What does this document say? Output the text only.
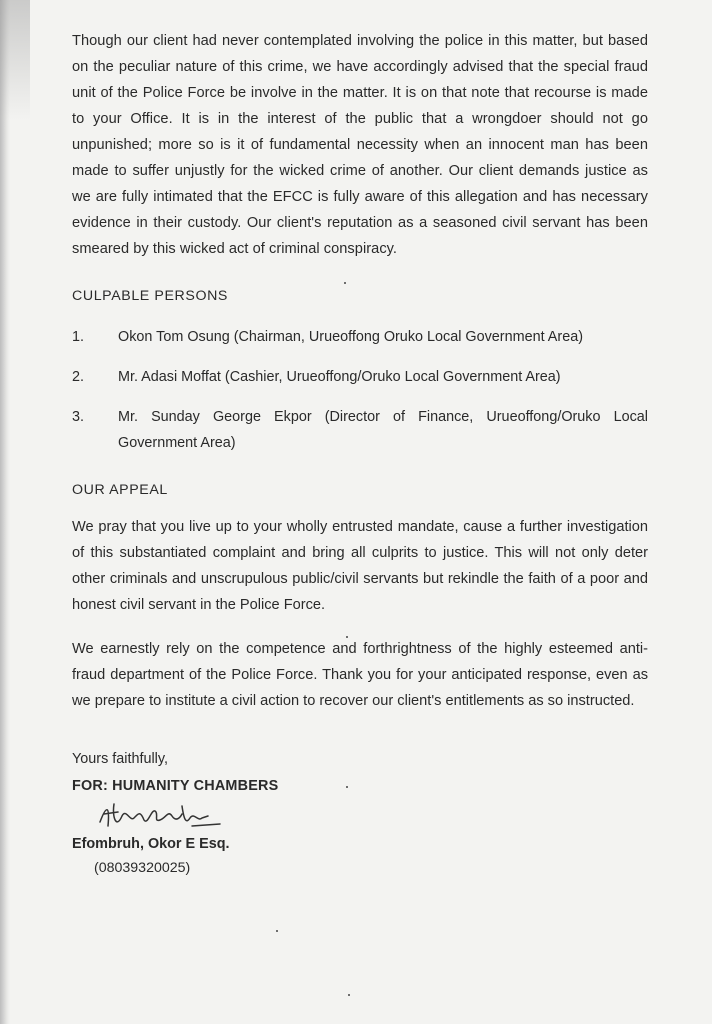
Though our client had never contemplated involving the police in this matter, but based on the peculiar nature of this crime, we have accordingly advised that the special fraud unit of the Police Force be involve in the matter. It is on that note that recourse is made to your Office. It is in the interest of the public that a wrongdoer should not go unpunished; more so is it of fundamental necessity when an innocent man has been made to suffer unjustly for the wicked crime of another. Our client demands justice as we are fully intimated that the EFCC is fully aware of this allegation and has necessary evidence in their custody. Our client's reputation as a seasoned civil servant has been smeared by this wicked act of criminal conspiracy.

CULPABLE PERSONS
1.	Okon Tom Osung (Chairman, Urueoffong Oruko Local Government Area)
2.	Mr. Adasi Moffat (Cashier, Urueoffong/Oruko Local Government Area)
3.	Mr. Sunday George Ekpor (Director of Finance, Urueoffong/Oruko Local Government Area)
OUR APPEAL

We pray that you live up to your wholly entrusted mandate, cause a further investigation of this substantiated complaint and bring all culprits to justice. This will not only deter other criminals and unscrupulous public/civil servants but rekindle the faith of a poor and honest civil servant in the Police Force.

We earnestly rely on the competence and forthrightness of the highly esteemed anti-fraud department of the Police Force. Thank you for your anticipated response, even as we prepare to institute a civil action to recover our client's entitlements as so instructed.

Yours faithfully,
FOR: HUMANITY CHAMBERS
Efombruh, Okor E Esq.
(08039320025)
